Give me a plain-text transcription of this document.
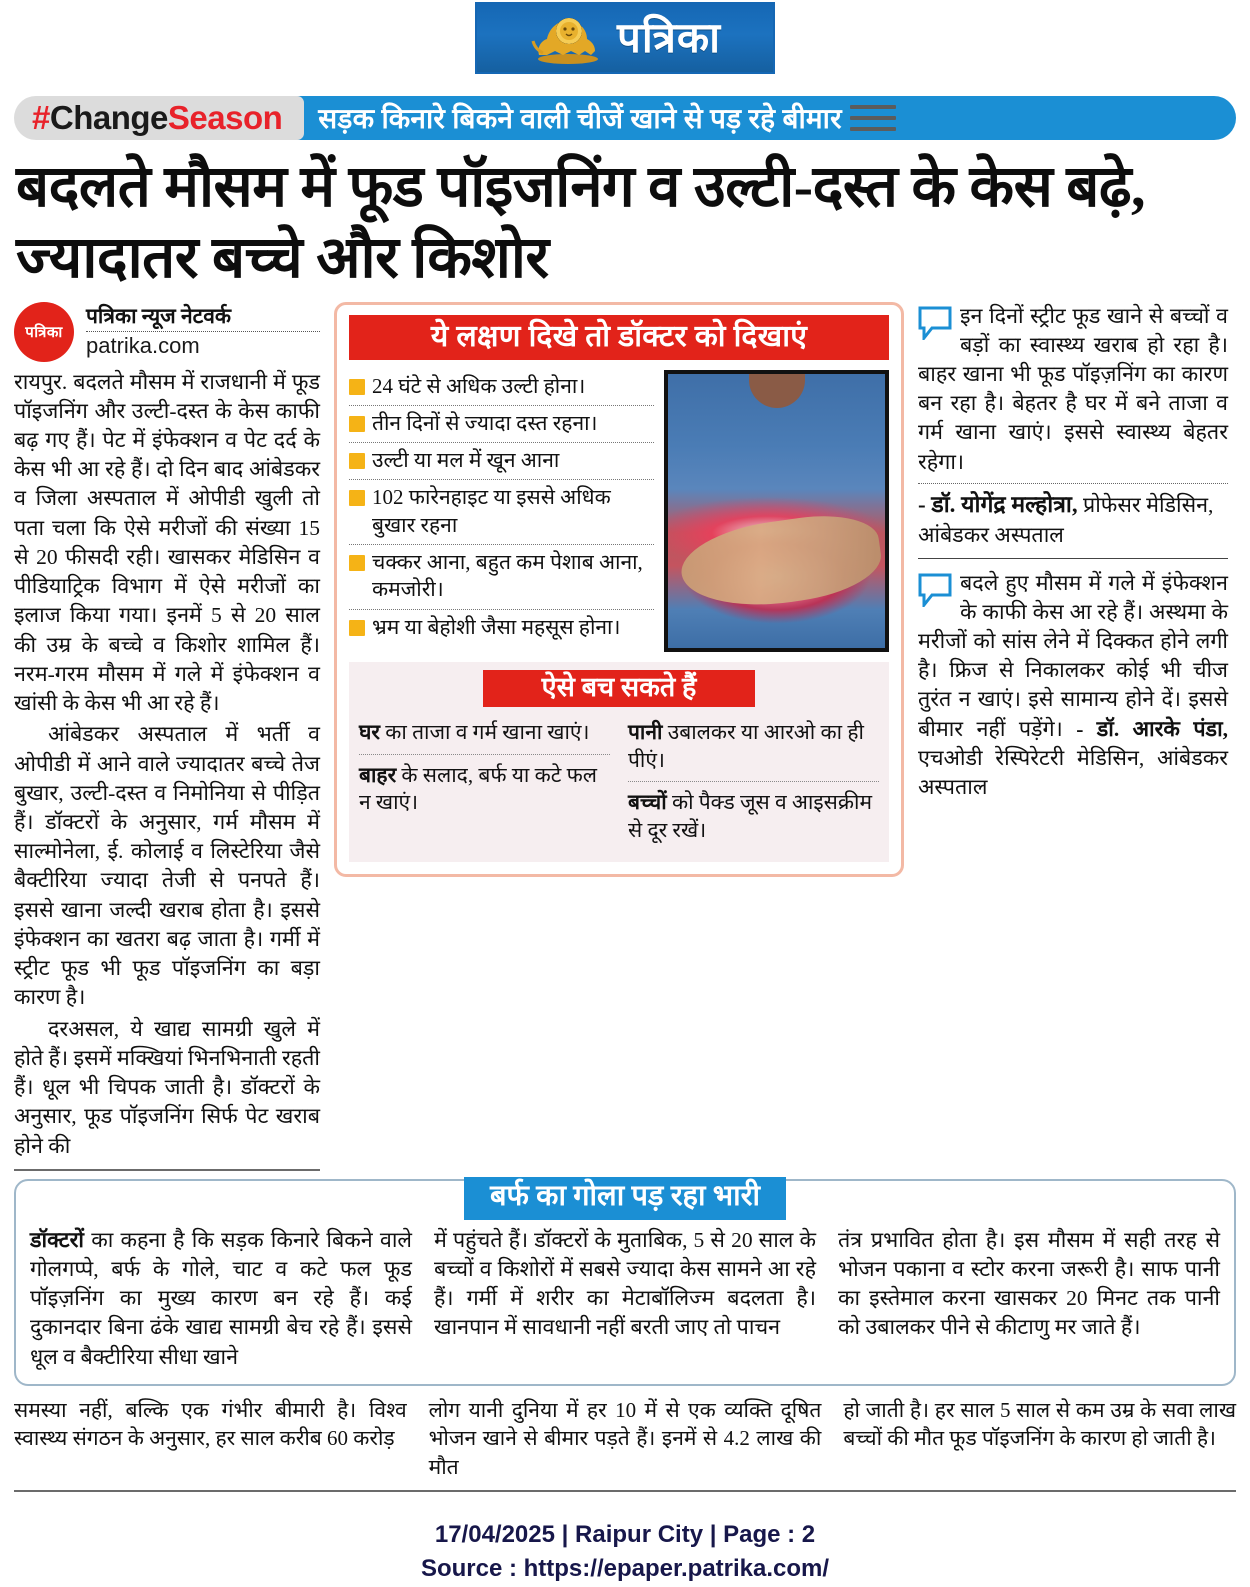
पत्रिका
# Change Season सड़क किनारे बिकने वाली चीजें खाने से पड़ रहे बीमार
बदलते मौसम में फूड पॉइजनिंग व उल्टी-दस्त के केस बढ़े, ज्यादातर बच्चे और किशोर
पत्रिका
पत्रिका न्यूज नेटवर्क
patrika.com

रायपुर. बदलते मौसम में राजधानी में फूड पॉइजनिंग और उल्टी-दस्त के केस काफी बढ़ गए हैं। पेट में इंफेक्शन व पेट दर्द के केस भी आ रहे हैं। दो दिन बाद आंबेडकर व जिला अस्पताल में ओपीडी खुली तो पता चला कि ऐसे मरीजों की संख्या 15 से 20 फीसदी रही। खासकर मेडिसिन व पीडियाट्रिक विभाग में ऐसे मरीजों का इलाज किया गया। इनमें 5 से 20 साल की उम्र के बच्चे व किशोर शामिल हैं। नरम-गरम मौसम में गले में इंफेक्शन व खांसी के केस भी आ रहे हैं।

आंबेडकर अस्पताल में भर्ती व ओपीडी में आने वाले ज्यादातर बच्चे तेज बुखार, उल्टी-दस्त व निमोनिया से पीड़ित हैं। डॉक्टरों के अनुसार, गर्म मौसम में साल्मोनेला, ई. कोलाई व लिस्टेरिया जैसे बैक्टीरिया ज्यादा तेजी से पनपते हैं। इससे खाना जल्दी खराब होता है। इससे इंफेक्शन का खतरा बढ़ जाता है। गर्मी में स्ट्रीट फूड भी फूड पॉइजनिंग का बड़ा कारण है।

दरअसल, ये खाद्य सामग्री खुले में होते हैं। इसमें मक्खियां भिनभिनाती रहती हैं। धूल भी चिपक जाती है। डॉक्टरों के अनुसार, फूड पॉइजनिंग सिर्फ पेट खराब होने की

ये लक्षण दिखे तो डॉक्टर को दिखाएं
24 घंटे से अधिक उल्टी होना।
तीन दिनों से ज्यादा दस्त रहना।
उल्टी या मल में खून आना
102 फारेनहाइट या इससे अधिक बुखार रहना
चक्कर आना, बहुत कम पेशाब आना, कमजोरी।
भ्रम या बेहोशी जैसा महसूस होना।
ऐसे बच सकते हैं
घर का ताजा व गर्म खाना खाएं।
बाहर के सलाद, बर्फ या कटे फल न खाएं।
पानी उबालकर या आरओ का ही पीएं।
बच्चों को पैक्ड जूस व आइसक्रीम से दूर रखें।

इन दिनों स्ट्रीट फूड खाने से बच्चों व बड़ों का स्वास्थ्य खराब हो रहा है। बाहर खाना भी फूड पॉइज़निंग का कारण बन रहा है। बेहतर है घर में बने ताजा व गर्म खाना खाएं। इससे स्वास्थ्य बेहतर रहेगा।

- डॉ. योगेंद्र मल्होत्रा, प्रोफेसर मेडिसिन, आंबेडकर अस्पताल

बदले हुए मौसम में गले में इंफेक्शन के काफी केस आ रहे हैं। अस्थमा के मरीजों को सांस लेने में दिक्कत होने लगी है। फ्रिज से निकालकर कोई भी चीज तुरंत न खाएं। इसे सामान्य होने दें। इससे बीमार नहीं पड़ेंगे। - डॉ. आरके पंडा, एचओडी रेस्पिरेटरी मेडिसिन, आंबेडकर अस्पताल

बर्फ का गोला पड़ रहा भारी

डॉक्टरों का कहना है कि सड़क किनारे बिकने वाले गोलगप्पे, बर्फ के गोले, चाट व कटे फल फूड पॉइज़निंग का मुख्य कारण बन रहे हैं। कई दुकानदार बिना ढंके खाद्य सामग्री बेच रहे हैं। इससे धूल व बैक्टीरिया सीधा खाने

में पहुंचते हैं। डॉक्टरों के मुताबिक, 5 से 20 साल के बच्चों व किशोरों में सबसे ज्यादा केस सामने आ रहे हैं। गर्मी में शरीर का मेटाबॉलिज्म बदलता है। खानपान में सावधानी नहीं बरती जाए तो पाचन

तंत्र प्रभावित होता है। इस मौसम में सही तरह से भोजन पकाना व स्टोर करना जरूरी है। साफ पानी का इस्तेमाल करना खासकर 20 मिनट तक पानी को उबालकर पीने से कीटाणु मर जाते हैं।

समस्या नहीं, बल्कि एक गंभीर बीमारी है। विश्व स्वास्थ्य संगठन के अनुसार, हर साल करीब 60 करोड़

लोग यानी दुनिया में हर 10 में से एक व्यक्ति दूषित भोजन खाने से बीमार पड़ते हैं। इनमें से 4.2 लाख की मौत

हो जाती है। हर साल 5 साल से कम उम्र के सवा लाख बच्चों की मौत फूड पॉइजनिंग के कारण हो जाती है।

17/04/2025 | Raipur City | Page : 2
Source : https://epaper.patrika.com/
